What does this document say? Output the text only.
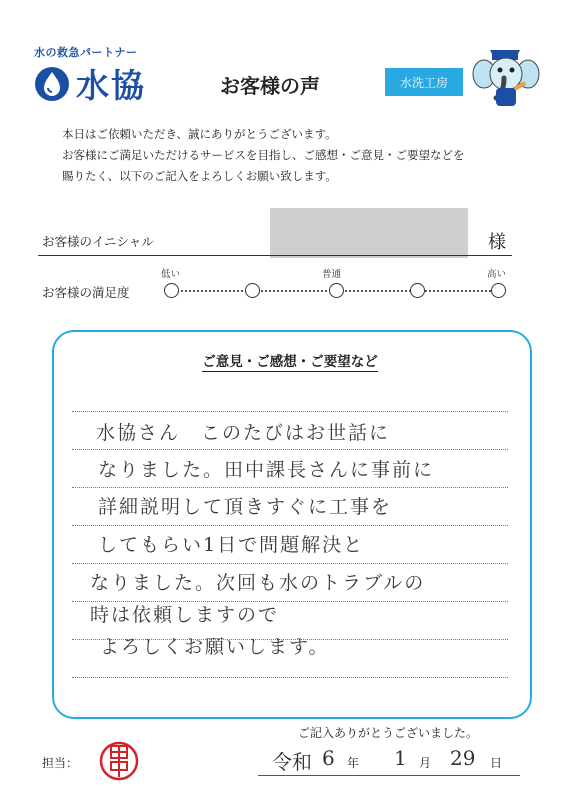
水の救急パートナー
水協	お客様の声	水洗工房
本日はご依頼いただき、誠にありがとうございます。
お客様にご満足いただけるサービスを目指し、ご感想・ご意見・ご要望などを
賜りたく、以下のご記入をよろしくお願い致します。
お客様のイニシャル	様
お客様の満足度
低い	普通	高い
ご意見・ご感想・ご要望など
水協さん　このたびはお世話に
なりました。田中課長さんに事前に
詳細説明して頂きすぐに工事を
してもらい1日で問題解決と
なりました。次回も水のトラブルの
時は依頼しますので
よろしくお願いします。
ご記入ありがとうございました。
担当：	令和 6 年 1 月 29 日
